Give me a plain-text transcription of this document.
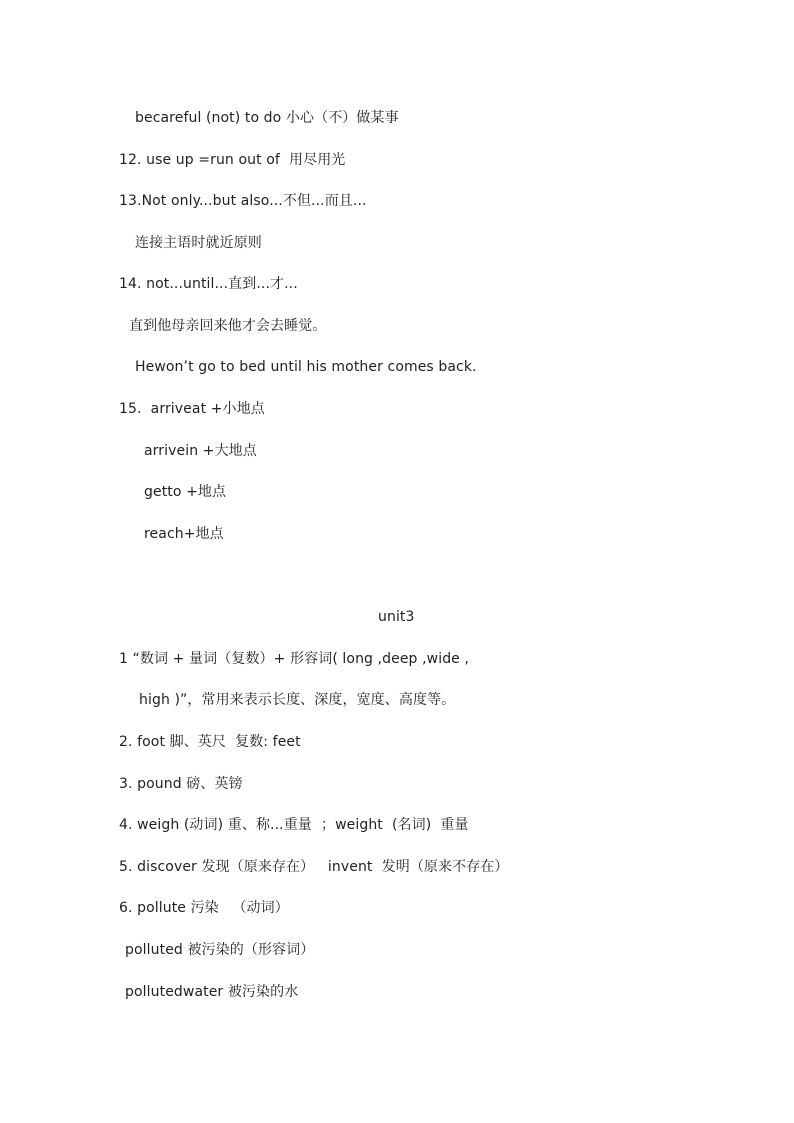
becareful (not) to do 小心（不）做某事
12. use up =run out of  用尽用光
13.Not only...but also...不但...而且...
连接主语时就近原则
14. not...until...直到...才...
直到他母亲回来他才会去睡觉。
Hewon’t go to bed until his mother comes back.
15.  arriveat +小地点
arrivein +大地点
getto +地点
reach+地点
unit3
1 “数词 + 量词（复数）+ 形容词( long ,deep ,wide ,
high )”，常用来表示长度、深度，宽度、高度等。
2. foot 脚、英尺  复数: feet
3. pound 磅、英镑
4. weigh (动词) 重、称...重量  ；weight  (名词)  重量
5. discover 发现（原来存在）   invent  发明（原来不存在）
6. pollute 污染   （动词）
polluted 被污染的（形容词）
pollutedwater 被污染的水
